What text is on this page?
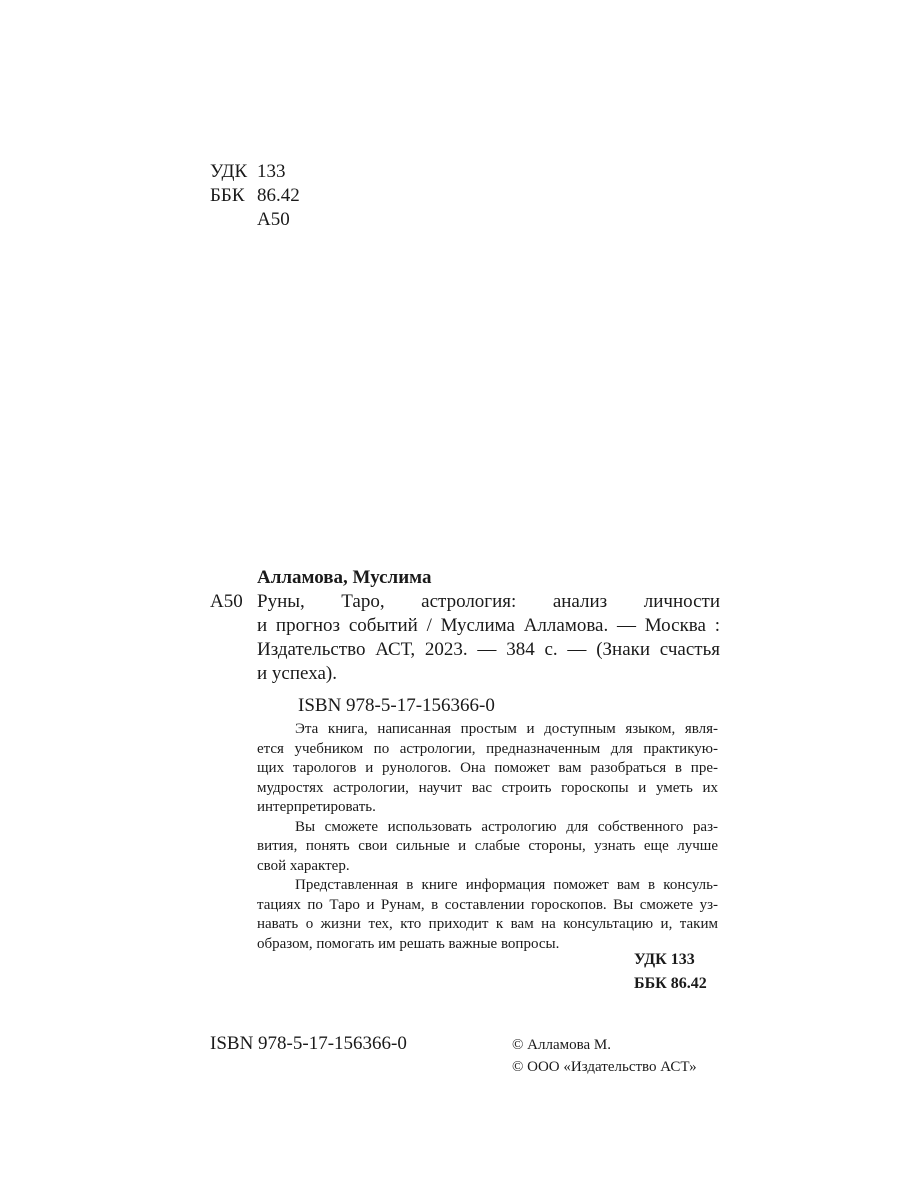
УДК 133
ББК 86.42
А50
Алламова, Муслима
А50 Руны, Таро, астрология: анализ личности
и прогноз событий / Муслима Алламова. — Москва :
Издательство АСТ, 2023. — 384 с. — (Знаки счастья
и успеха).
ISBN 978-5-17-156366-0
Эта книга, написанная простым и доступным языком, явля-
ется учебником по астрологии, предназначенным для практикую-
щих тарологов и рунологов. Она поможет вам разобраться в пре-
мудростях астрологии, научит вас строить гороскопы и уметь их
интерпретировать.
Вы сможете использовать астрологию для собственного раз-
вития, понять свои сильные и слабые стороны, узнать еще лучше
свой характер.
Представленная в книге информация поможет вам в консуль-
тациях по Таро и Рунам, в составлении гороскопов. Вы сможете уз-
навать о жизни тех, кто приходит к вам на консультацию и, таким
образом, помогать им решать важные вопросы.
УДК 133
ББК 86.42
ISBN 978-5-17-156366-0	© Алламова М.
© ООО «Издательство АСТ»
